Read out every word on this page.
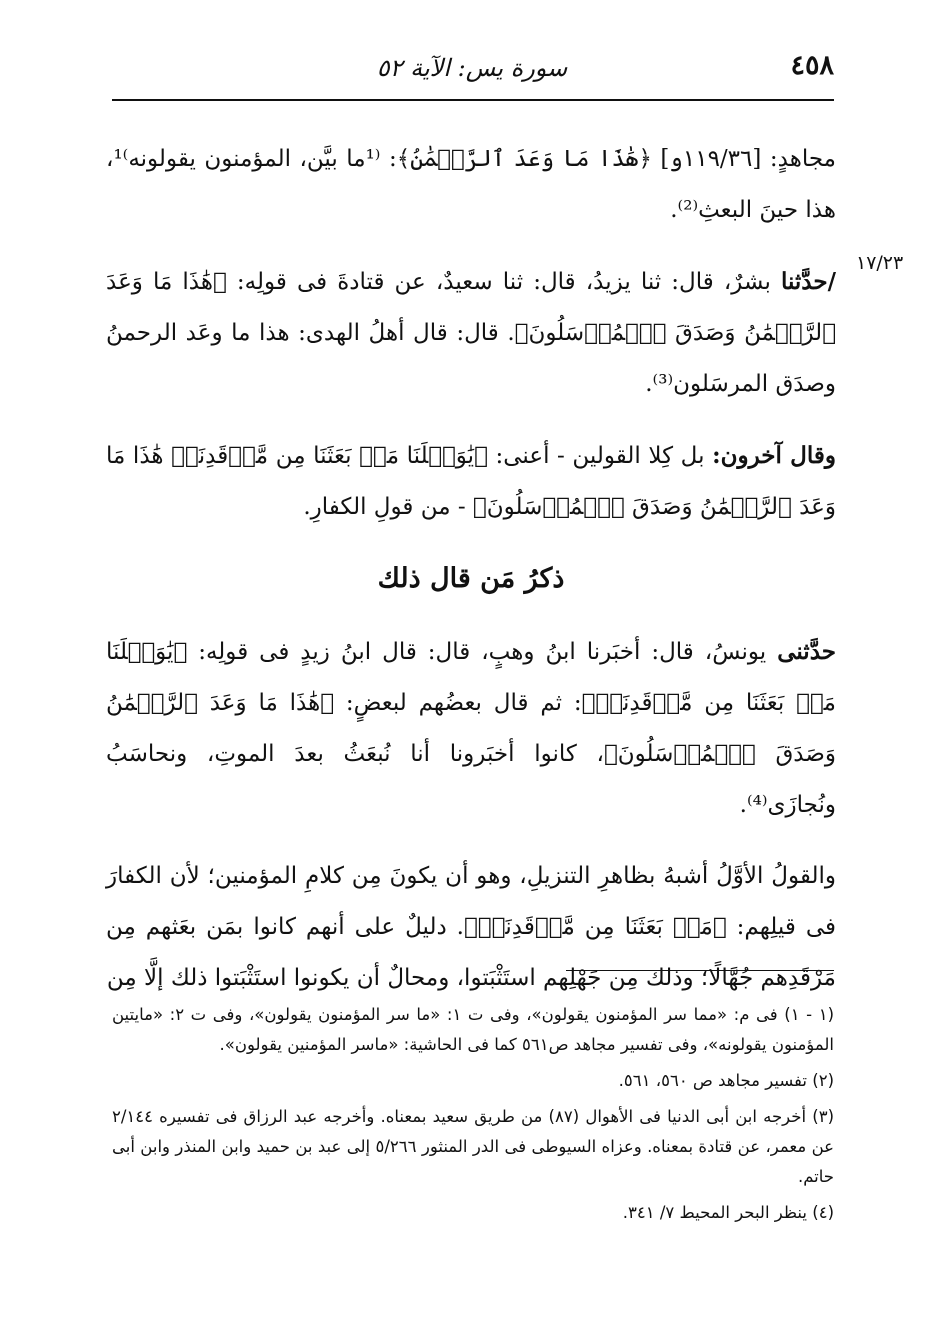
٤٥٨
سورة يس: الآية ٥٢
١٧/٢٣

مجاهدٍ: [١١٩/٣٦و] ﴿هَٰذَا مَا وَعَدَ ٱلرَّحۡمَٰنُ﴾: ⁽¹ما بيَّن، المؤمنون يقولونه⁾¹، هذا حينَ البعثِ⁽²⁾.

/حدَّثنا بشرٌ، قال: ثنا يزيدُ، قال: ثنا سعيدٌ، عن قتادةَ فى قولِه: ﴿هَٰذَا مَا وَعَدَ ٱلرَّحۡمَٰنُ وَصَدَقَ ٱلۡمُرۡسَلُونَ﴾. قال: قال أهلُ الهدى: هذا ما وعَد الرحمنُ وصدَق المرسَلون⁽³⁾.

وقال آخرون: بل كِلا القولين - أعنى: ﴿يَٰوَيۡلَنَا مَنۢ بَعَثَنَا مِن مَّرۡقَدِنَاۜ هَٰذَا مَا وَعَدَ ٱلرَّحۡمَٰنُ وَصَدَقَ ٱلۡمُرۡسَلُونَ﴾ - من قولِ الكفارِ.

ذكرُ مَن قال ذلك

حدَّثنى يونسُ، قال: أخبَرنا ابنُ وهبٍ، قال: قال ابنُ زيدٍ فى قولِه: ﴿يَٰوَيۡلَنَا مَنۢ بَعَثَنَا مِن مَّرۡقَدِنَاۜ﴾: ثم قال بعضُهم لبعضٍ: ﴿هَٰذَا مَا وَعَدَ ٱلرَّحۡمَٰنُ وَصَدَقَ ٱلۡمُرۡسَلُونَ﴾، كانوا أخبَرونا أنا نُبعَثُ بعدَ الموتِ، ونحاسَبُ ونُجازَى⁽⁴⁾.

والقولُ الأوَّلُ أشبهُ بظاهرِ التنزيلِ، وهو أن يكونَ مِن كلامِ المؤمنين؛ لأن الكفارَ فى قيلِهم: ﴿مَنۢ بَعَثَنَا مِن مَّرۡقَدِنَاۜ﴾. دليلٌ على أنهم كانوا بمَن بعَثهم مِن مَرْقَدِهم جُهَّالًا؛ وذلك مِن جَهْلِهم استَثْبَتوا، ومحالٌ أن يكونوا استَثْبَتوا ذلك إلَّا مِن

(١ - ١) فى م: «مما سر المؤمنون يقولون»، وفى ت ١: «ما سر المؤمنون يقولون»، وفى ت ٢: «مايتين المؤمنون يقولونه»، وفى تفسير مجاهد ص٥٦١ كما فى الحاشية: «ماسر المؤمنين يقولون».

(٢) تفسير مجاهد ص ٥٦٠، ٥٦١.

(٣) أخرجه ابن أبى الدنيا فى الأهوال (٨٧) من طريق سعيد بمعناه. وأخرجه عبد الرزاق فى تفسيره ٢/١٤٤ عن معمر، عن قتادة بمعناه. وعزاه السيوطى فى الدر المنثور ٥/٢٦٦ إلى عبد بن حميد وابن المنذر وابن أبى حاتم.

(٤) ينظر البحر المحيط ٧/ ٣٤١.
